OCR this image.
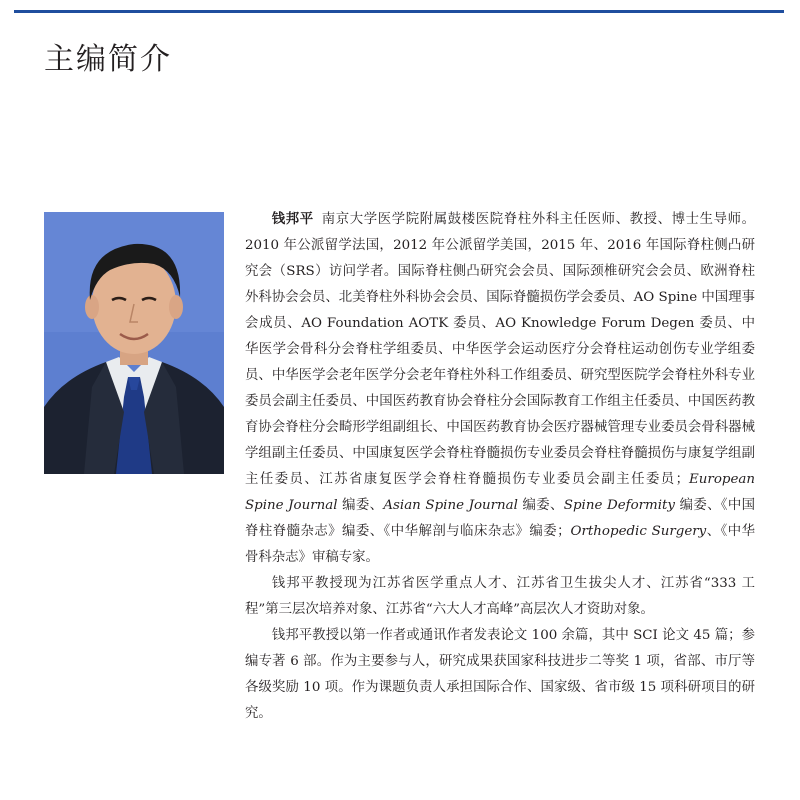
主编简介

钱邦平 南京大学医学院附属鼓楼医院脊柱外科主任医师、教授、博士生导师。2010 年公派留学法国，2012 年公派留学美国，2015 年、2016 年国际脊柱侧凸研究会（SRS）访问学者。国际脊柱侧凸研究会会员、国际颈椎研究会会员、欧洲脊柱外科协会会员、北美脊柱外科协会会员、国际脊髓损伤学会委员、AO Spine 中国理事会成员、AO Foundation AOTK 委员、AO Knowledge Forum Degen 委员、中华医学会骨科分会脊柱学组委员、中华医学会运动医疗分会脊柱运动创伤专业学组委员、中华医学会老年医学分会老年脊柱外科工作组委员、研究型医院学会脊柱外科专业委员会副主任委员、中国医药教育协会脊柱分会国际教育工作组主任委员、中国医药教育协会脊柱分会畸形学组副组长、中国医药教育协会医疗器械管理专业委员会骨科器械学组副主任委员、中国康复医学会脊柱脊髓损伤专业委员会脊柱脊髓损伤与康复学组副主任委员、江苏省康复医学会脊柱脊髓损伤专业委员会副主任委员；European Spine Journal 编委、Asian Spine Journal 编委、Spine Deformity 编委、《中国脊柱脊髓杂志》编委、《中华解剖与临床杂志》编委；Orthopedic Surgery、《中华骨科杂志》审稿专家。

钱邦平教授现为江苏省医学重点人才、江苏省卫生拔尖人才、江苏省“333 工程”第三层次培养对象、江苏省“六大人才高峰”高层次人才资助对象。

钱邦平教授以第一作者或通讯作者发表论文 100 余篇，其中 SCI 论文 45 篇；参编专著 6 部。作为主要参与人，研究成果获国家科技进步二等奖 1 项，省部、市厅等各级奖励 10 项。作为课题负责人承担国际合作、国家级、省市级 15 项科研项目的研究。
